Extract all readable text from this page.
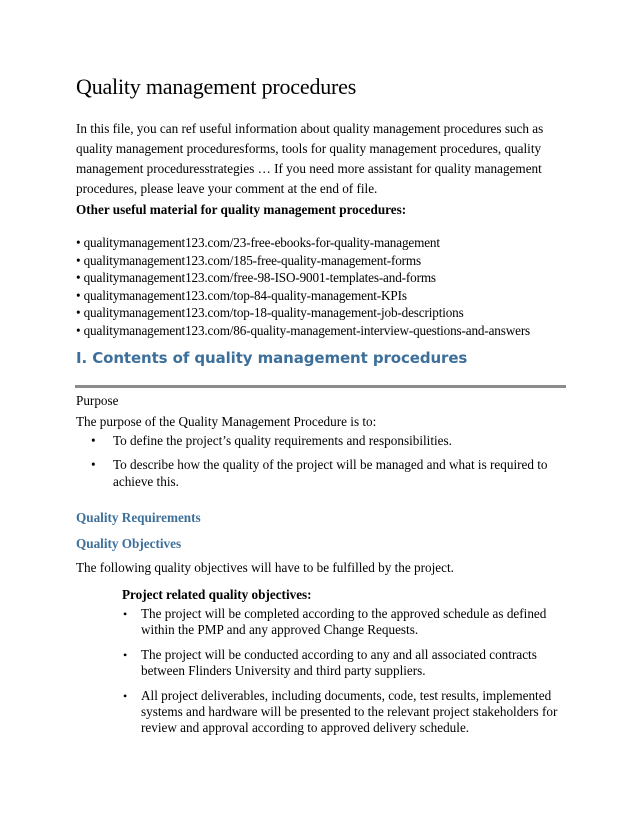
Quality management procedures
In this file, you can ref useful information about quality management procedures such as quality management proceduresforms, tools for quality management procedures, quality management proceduresstrategies … If you need more assistant for quality management procedures, please leave your comment at the end of file.
Other useful material for quality management procedures:
• qualitymanagement123.com/23-free-ebooks-for-quality-management
• qualitymanagement123.com/185-free-quality-management-forms
• qualitymanagement123.com/free-98-ISO-9001-templates-and-forms
• qualitymanagement123.com/top-84-quality-management-KPIs
• qualitymanagement123.com/top-18-quality-management-job-descriptions
• qualitymanagement123.com/86-quality-management-interview-questions-and-answers
I. Contents of quality management procedures
Purpose
The purpose of the Quality Management Procedure is to:
• To define the project’s quality requirements and responsibilities.
• To describe how the quality of the project will be managed and what is required to achieve this.
Quality Requirements
Quality Objectives
The following quality objectives will have to be fulfilled by the project.
Project related quality objectives:
• The project will be completed according to the approved schedule as defined within the PMP and any approved Change Requests.
• The project will be conducted according to any and all associated contracts between Flinders University and third party suppliers.
• All project deliverables, including documents, code, test results, implemented systems and hardware will be presented to the relevant project stakeholders for review and approval according to approved delivery schedule.
